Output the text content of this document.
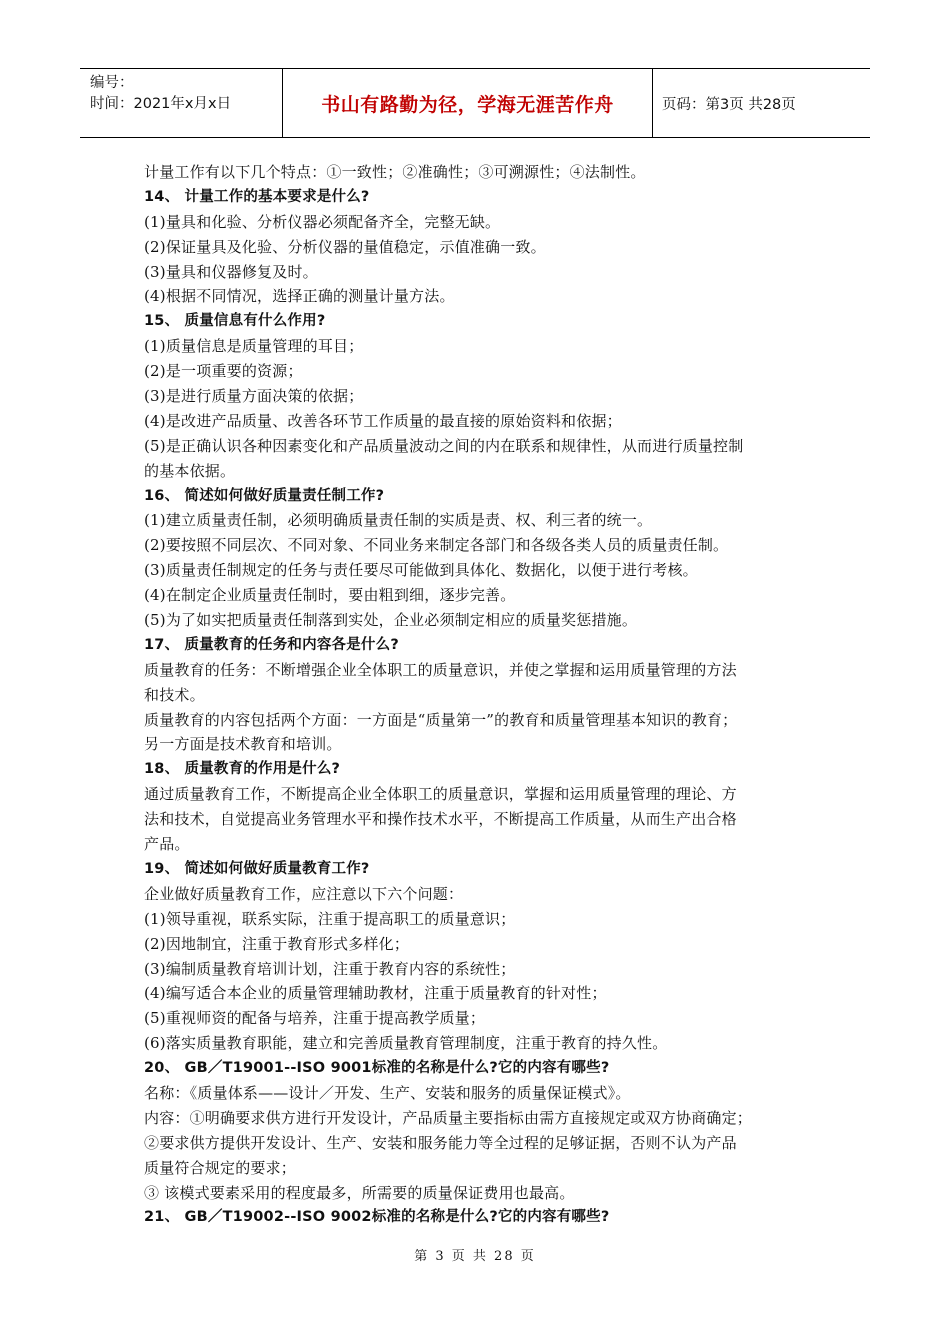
编号：
时间：2021年x月x日	书山有路勤为径，学海无涯苦作舟	页码：第3页 共28页
计量工作有以下几个特点：①一致性；②准确性；③可溯源性；④法制性。
14、 计量工作的基本要求是什么?
(1)量具和化验、分析仪器必须配备齐全，完整无缺。
(2)保证量具及化验、分析仪器的量值稳定，示值准确一致。
(3)量具和仪器修复及时。
(4)根据不同情况，选择正确的测量计量方法。
15、 质量信息有什么作用?
(1)质量信息是质量管理的耳目；
(2)是一项重要的资源；
(3)是进行质量方面决策的依据；
(4)是改进产品质量、改善各环节工作质量的最直接的原始资料和依据；
(5)是正确认识各种因素变化和产品质量波动之间的内在联系和规律性，从而进行质量控制
的基本依据。
16、 简述如何做好质量责任制工作?
(1)建立质量责任制，必须明确质量责任制的实质是责、权、利三者的统一。
(2)要按照不同层次、不同对象、不同业务来制定各部门和各级各类人员的质量责任制。
(3)质量责任制规定的任务与责任要尽可能做到具体化、数据化，以便于进行考核。
(4)在制定企业质量责任制时，要由粗到细，逐步完善。
(5)为了如实把质量责任制落到实处，企业必须制定相应的质量奖惩措施。
17、 质量教育的任务和内容各是什么?
质量教育的任务：不断增强企业全体职工的质量意识，并使之掌握和运用质量管理的方法
和技术。
质量教育的内容包括两个方面：一方面是“质量第一”的教育和质量管理基本知识的教育；
另一方面是技术教育和培训。
18、 质量教育的作用是什么?
通过质量教育工作，不断提高企业全体职工的质量意识，掌握和运用质量管理的理论、方
法和技术，自觉提高业务管理水平和操作技术水平，不断提高工作质量，从而生产出合格
产品。
19、 简述如何做好质量教育工作?
企业做好质量教育工作，应注意以下六个问题：
(1)领导重视，联系实际，注重于提高职工的质量意识；
(2)因地制宜，注重于教育形式多样化；
(3)编制质量教育培训计划，注重于教育内容的系统性；
(4)编写适合本企业的质量管理辅助教材，注重于质量教育的针对性；
(5)重视师资的配备与培养，注重于提高教学质量；
(6)落实质量教育职能，建立和完善质量教育管理制度，注重于教育的持久性。
20、 GB／T19001--ISO 9001标准的名称是什么?它的内容有哪些?
名称：《质量体系——设计／开发、生产、安装和服务的质量保证模式》。
内容：①明确要求供方进行开发设计，产品质量主要指标由需方直接规定或双方协商确定；
②要求供方提供开发设计、生产、安装和服务能力等全过程的足够证据，否则不认为产品
质量符合规定的要求；
③ 该模式要素采用的程度最多，所需要的质量保证费用也最高。
21、 GB／T19002--ISO 9002标准的名称是什么?它的内容有哪些?
第 3 页 共 28 页
